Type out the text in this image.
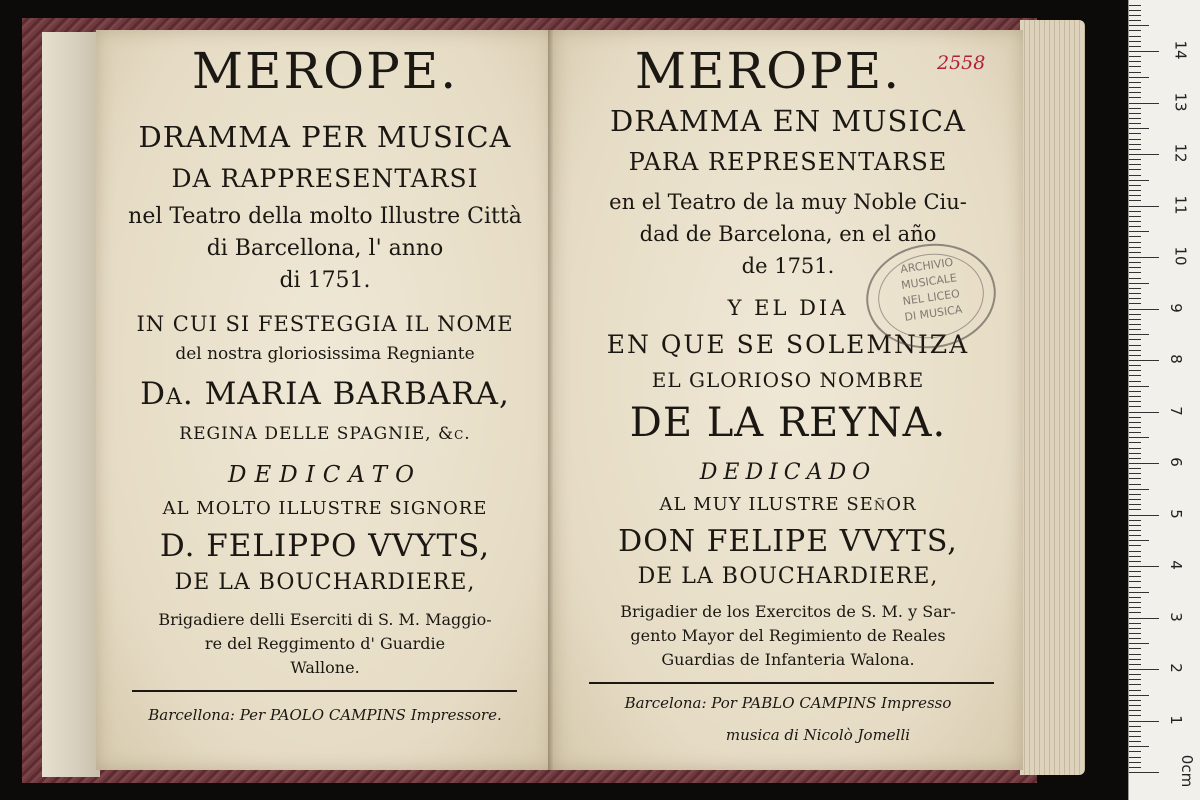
MEROPE.
DRAMMA PER MUSICA
DA RAPPRESENTARSI
nel Teatro della molto Illustre Città
di Barcellona, l' anno
di 1751.
IN CUI SI FESTEGGIA IL NOME
del nostra gloriosissima Regniante
Da. MARIA BARBARA,
REGINA DELLE SPAGNIE, &c.
DEDICATO
AL MOLTO ILLUSTRE SIGNORE
D. FELIPPO VVYTS,
DE LA BOUCHARDIERE,
Brigadiere delli Eserciti di S. M. Maggio-
re del Reggimento d' Guardie
Wallone.
Barcellona: Per PAOLO CAMPINS Impressore.
MEROPE.	2558
DRAMMA EN MUSICA
PARA REPRESENTARSE
en el Teatro de la muy Noble Ciu-
dad de Barcelona, en el año
de 1751.
Y EL DIA
EN QUE SE SOLEMNIZA
EL GLORIOSO NOMBRE
DE LA REYNA.
DEDICADO
AL MUY ILUSTRE SEñOR
DON FELIPE VVYTS,
DE LA BOUCHARDIERE,
Brigadier de los Exercitos de S. M. y Sar-
gento Mayor del Regimiento de Reales
Guardias de Infanteria Walona.
Barcelona: Por PABLO CAMPINS Impresso
musica di Nicolò Jomelli
ARCHIVIO
MUSICALE
NEL LICEO
DI MUSICA
0cm
1
2
3
4
5
6
7
8
9
10
11
12
13
14
